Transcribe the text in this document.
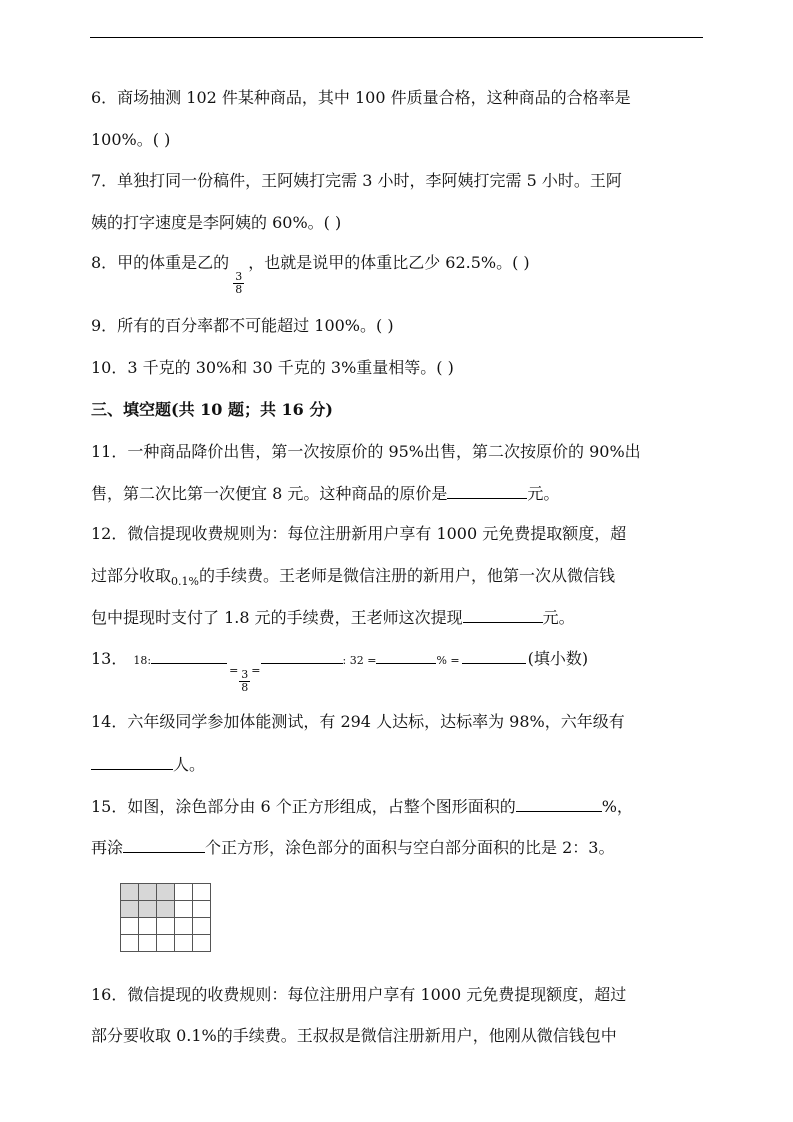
6．商场抽测 102 件某种商品，其中 100 件质量合格，这种商品的合格率是
100%。( )
7．单独打同一份稿件，王阿姨打完需 3 小时，李阿姨打完需 5 小时。王阿
姨的打字速度是李阿姨的 60%。( )
8．甲的体重是乙的
$\frac{3}{8}$
，也就是说甲的体重比乙少 62.5%。( )
9．所有的百分率都不可能超过 100%。( )
10．3 千克的 30%和 30 千克的 3%重量相等。( )
三、填空题(共 10 题；共 16 分)
11．一种商品降价出售，第一次按原价的 95%出售，第二次按原价的 90%出
售，第二次比第一次便宜 8 元。这种商品的原价是	元。
12．微信提现收费规则为：每位注册新用户享有 1000 元免费提取额度，超
过部分收取$_{0.1\%}$的手续费。王老师是微信注册的新用户，他第一次从微信钱
包中提现时支付了 1.8 元的手续费，王老师这次提现	元。
13． $18:_= \frac{3}{8} _=$: 32 =	% =	(填小数)
14．六年级同学参加体能测试，有 294 人达标，达标率为 98%，六年级有
人。
15．如图，涂色部分由 6 个正方形组成，占整个图形面积的	%，
再涂	个正方形，涂色部分的面积与空白部分面积的比是 2：3。

16．微信提现的收费规则：每位注册用户享有 1000 元免费提现额度，超过
部分要收取 0.1%的手续费。王叔叔是微信注册新用户，他刚从微信钱包中
